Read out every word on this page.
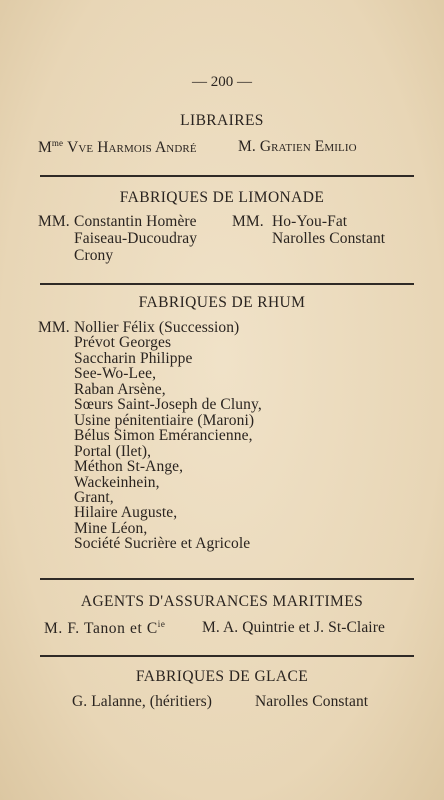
— 200 —
LIBRAIRES
$M^{me}$ Vve Harmois André	M. Gratien Emilio
FABRIQUES DE LIMONADE
MM. Constantin Homère
Faiseau-Ducoudray
Crony
MM. Ho-You-Fat
Narolles Constant
FABRIQUES DE RHUM
MM. Nollier Félix (Succession)
Prévot Georges
Saccharin Philippe
See-Wo-Lee,
Raban Arsène,
Sœurs Saint-Joseph de Cluny,
Usine pénitentiaire (Maroni)
Bélus Simon Emérancienne,
Portal (Ilet),
Méthon St-Ange,
Wackeinhein,
Grant,
Hilaire Auguste,
Mine Léon,
Société Sucrière et Agricole
AGENTS D'ASSURANCES MARITIMES
M. F. Tanon et $C^{ie}$ M. A. Quintrie et J. St-Claire
FABRIQUES DE GLACE
G. Lalanne, (héritiers)	Narolles Constant
